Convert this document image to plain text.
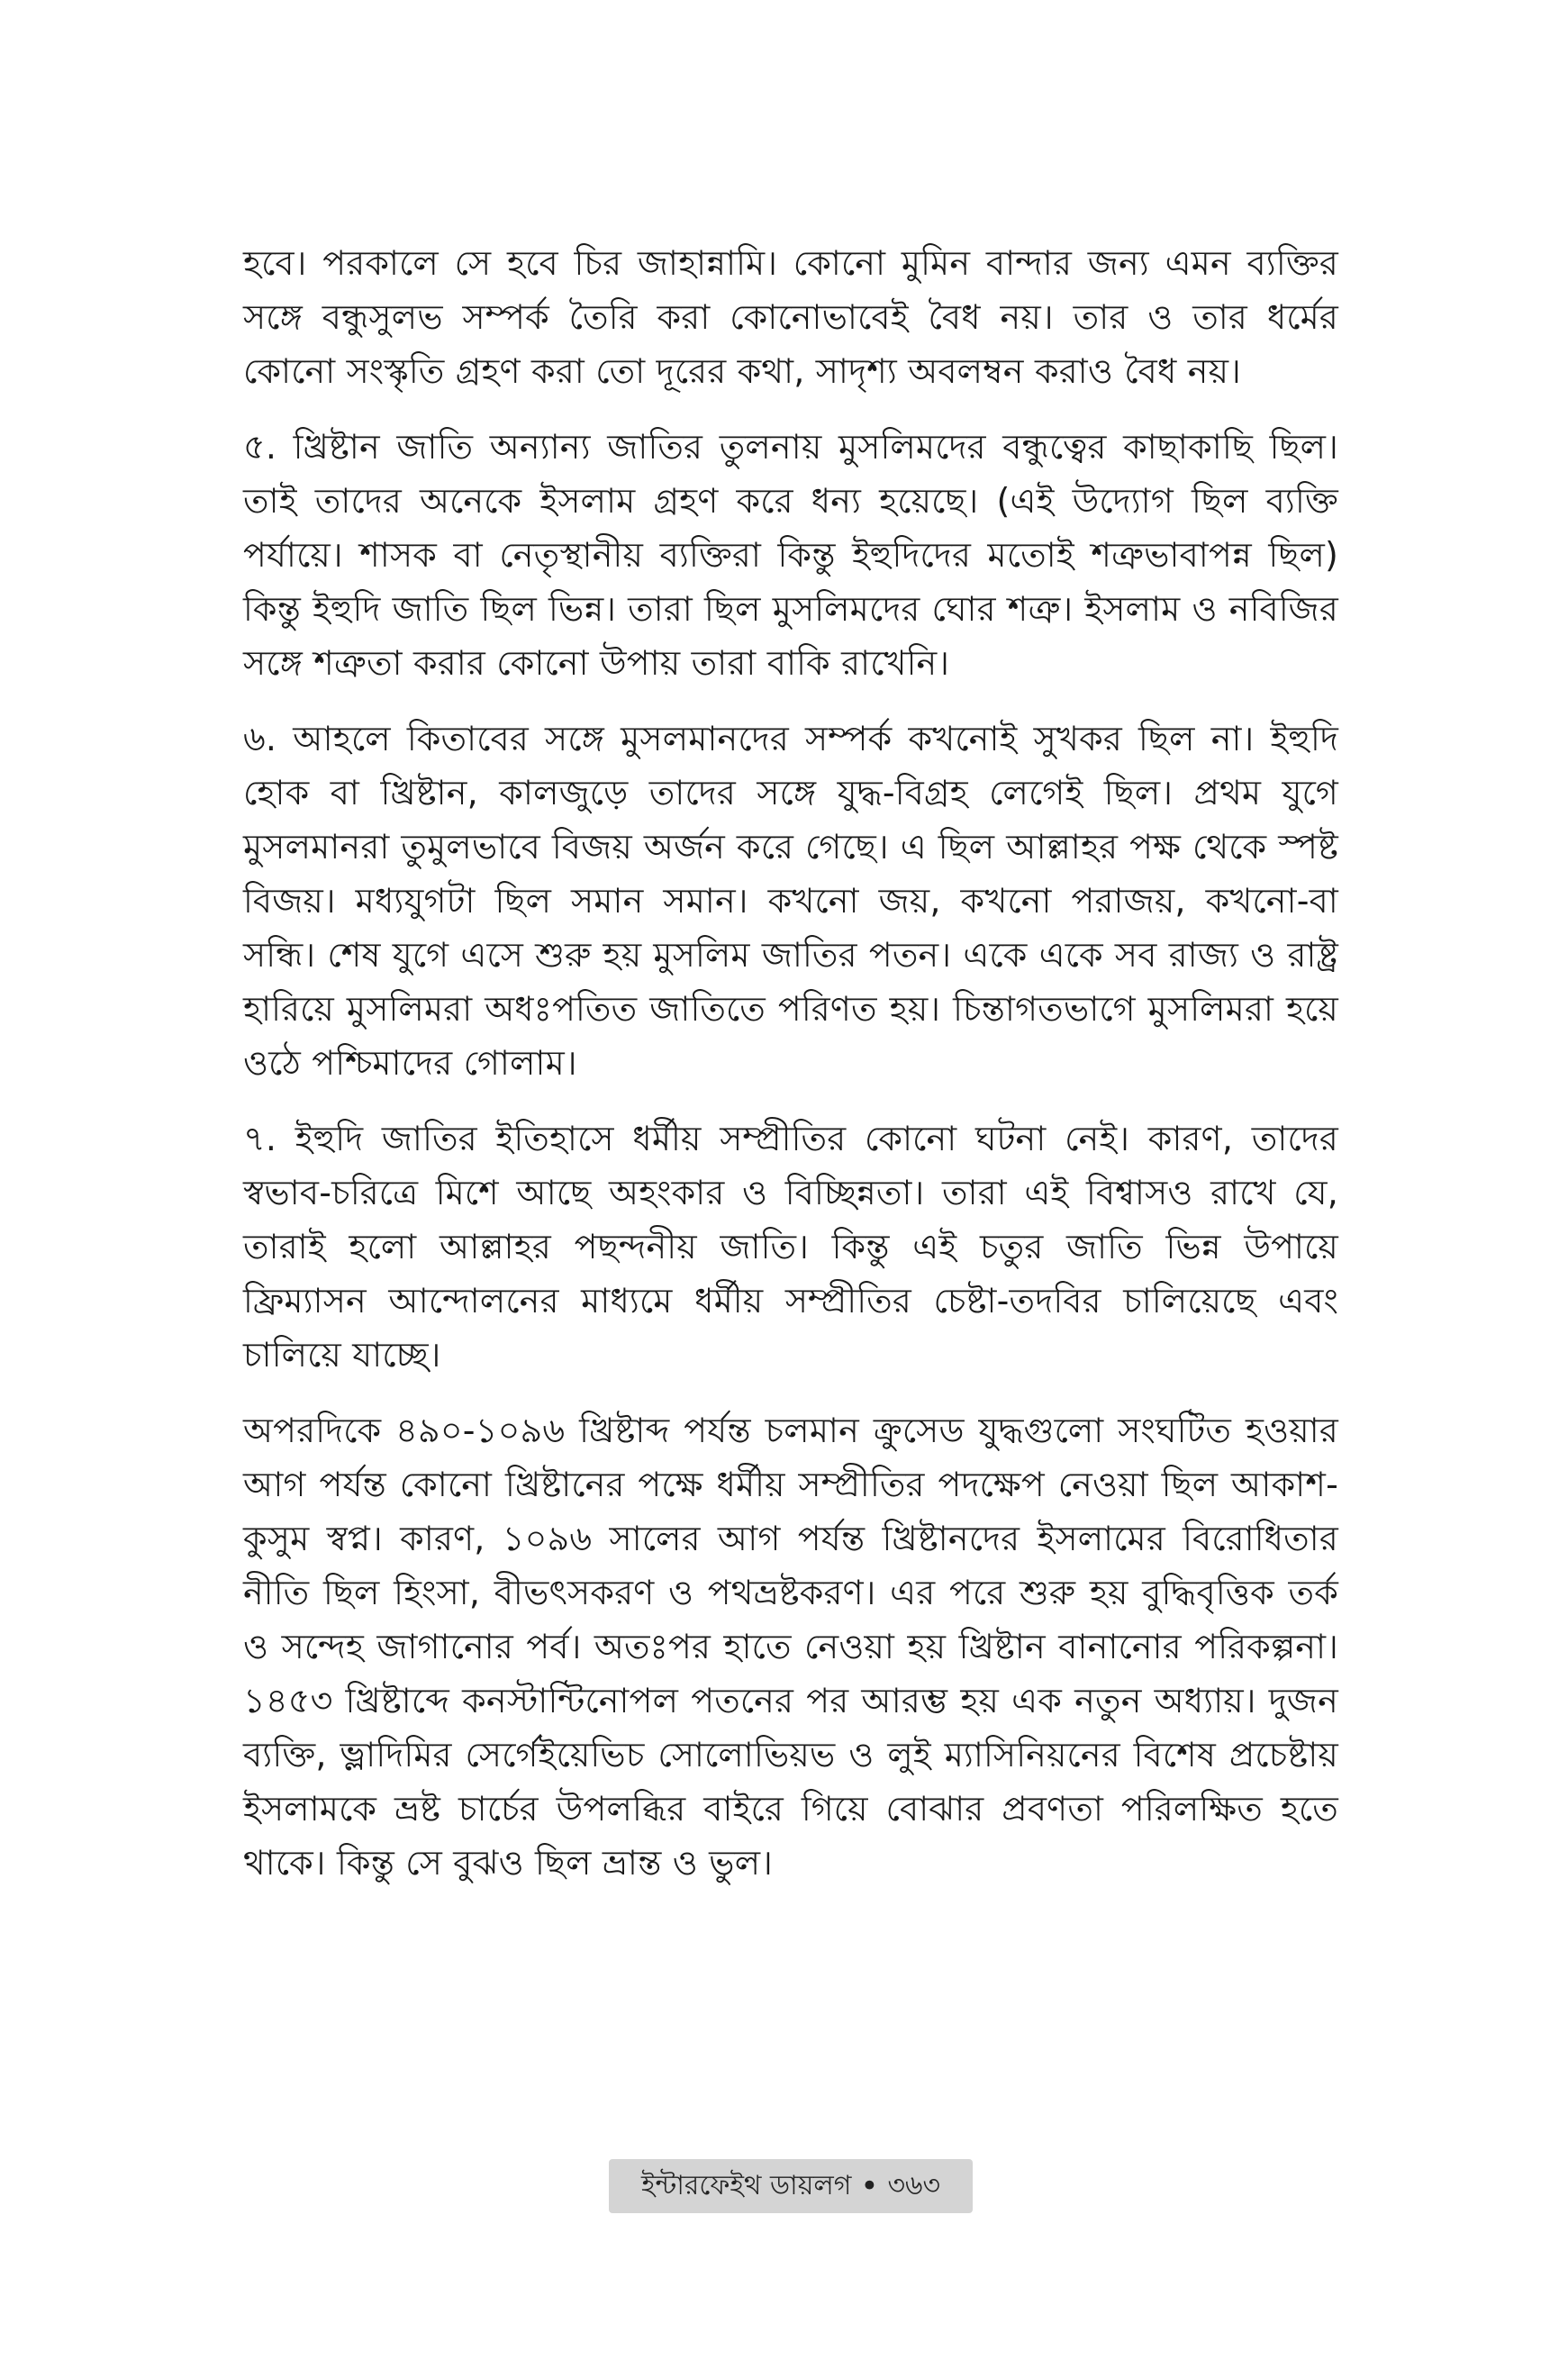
হবে। পরকালে সে হবে চির জাহান্নামি। কোনো মুমিন বান্দার জন্য এমন ব্যক্তির সঙ্গে বন্ধুসুলভ সম্পর্ক তৈরি করা কোনোভাবেই বৈধ নয়। তার ও তার ধর্মের কোনো সংস্কৃতি গ্রহণ করা তো দূরের কথা, সাদৃশ্য অবলম্বন করাও বৈধ নয়।

৫. খ্রিষ্টান জাতি অন্যান্য জাতির তুলনায় মুসলিমদের বন্ধুত্বের কাছাকাছি ছিল। তাই তাদের অনেকে ইসলাম গ্রহণ করে ধন্য হয়েছে। (এই উদ্যোগ ছিল ব্যক্তি পর্যায়ে। শাসক বা নেতৃস্থানীয় ব্যক্তিরা কিন্তু ইহুদিদের মতোই শত্রুভাবাপন্ন ছিল) কিন্তু ইহুদি জাতি ছিল ভিন্ন। তারা ছিল মুসলিমদের ঘোর শত্রু। ইসলাম ও নবিজির সঙ্গে শত্রুতা করার কোনো উপায় তারা বাকি রাখেনি।

৬. আহলে কিতাবের সঙ্গে মুসলমানদের সম্পর্ক কখনোই সুখকর ছিল না। ইহুদি হোক বা খ্রিষ্টান, কালজুড়ে তাদের সঙ্গে যুদ্ধ-বিগ্রহ লেগেই ছিল। প্রথম যুগে মুসলমানরা তুমুলভাবে বিজয় অর্জন করে গেছে। এ ছিল আল্লাহর পক্ষ থেকে স্পষ্ট বিজয়। মধ্যযুগটা ছিল সমান সমান। কখনো জয়, কখনো পরাজয়, কখনো-বা সন্ধি। শেষ যুগে এসে শুরু হয় মুসলিম জাতির পতন। একে একে সব রাজ্য ও রাষ্ট্র হারিয়ে মুসলিমরা অধঃপতিত জাতিতে পরিণত হয়। চিন্তাগতভাগে মুসলিমরা হয়ে ওঠে পশ্চিমাদের গোলাম।

৭. ইহুদি জাতির ইতিহাসে ধর্মীয় সম্প্রীতির কোনো ঘটনা নেই। কারণ, তাদের স্বভাব-চরিত্রে মিশে আছে অহংকার ও বিচ্ছিন্নতা। তারা এই বিশ্বাসও রাখে যে, তারাই হলো আল্লাহর পছন্দনীয় জাতি। কিন্তু এই চতুর জাতি ভিন্ন উপায়ে ফ্রিম্যাসন আন্দোলনের মাধ্যমে ধর্মীয় সম্প্রীতির চেষ্টা-তদবির চালিয়েছে এবং চালিয়ে যাচ্ছে।

অপরদিকে ৪৯০-১০৯৬ খ্রিষ্টাব্দ পর্যন্ত চলমান ক্রুসেড যুদ্ধগুলো সংঘটিত হওয়ার আগ পর্যন্ত কোনো খ্রিষ্টানের পক্ষে ধর্মীয় সম্প্রীতির পদক্ষেপ নেওয়া ছিল আকাশ-কুসুম স্বপ্ন। কারণ, ১০৯৬ সালের আগ পর্যন্ত খ্রিষ্টানদের ইসলামের বিরোধিতার নীতি ছিল হিংসা, বীভৎসকরণ ও পথভ্রষ্টকরণ। এর পরে শুরু হয় বুদ্ধিবৃত্তিক তর্ক ও সন্দেহ জাগানোর পর্ব। অতঃপর হাতে নেওয়া হয় খ্রিষ্টান বানানোর পরিকল্পনা। ১৪৫৩ খ্রিষ্টাব্দে কনস্টান্টিনোপল পতনের পর আরম্ভ হয় এক নতুন অধ্যায়। দুজন ব্যক্তি, ভ্লাদিমির সের্গেইয়েভিচ সোলোভিয়ভ ও লুই ম্যাসিনিয়নের বিশেষ প্রচেষ্টায় ইসলামকে ভ্রষ্ট চার্চের উপলব্ধির বাইরে গিয়ে বোঝার প্রবণতা পরিলক্ষিত হতে থাকে। কিন্তু সে বুঝও ছিল ভ্রান্ত ও ভুল।

ইন্টারফেইথ ডায়লগ • ৩৬৩
